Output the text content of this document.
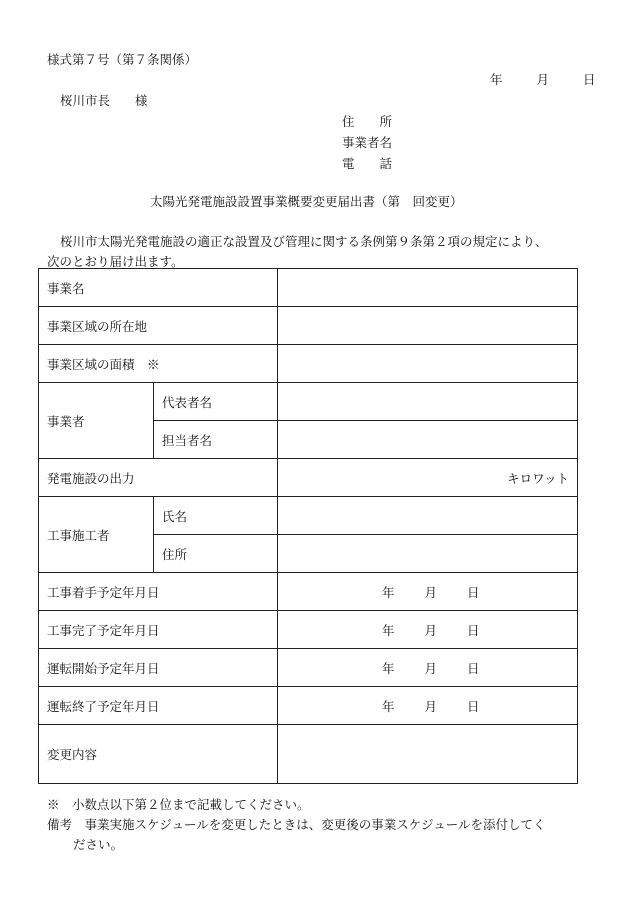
様式第７号（第７条関係）
年	月	日
桜川市長　　様
住　　所
事業者名
電　　話
太陽光発電施設設置事業概要変更届出書（第　回変更）
桜川市太陽光発電施設の適正な設置及び管理に関する条例第９条第２項の規定により、
次のとおり届け出ます。
事業名		
事業区域の所在地		
事業区域の面積　※		
事業者	代表者名	
	担当者名	
発電施設の出力		キロワット
工事施工者	氏名	
	住所	
工事着手予定年月日		年 月 日
工事完了予定年月日		年 月 日
運転開始予定年月日		年 月 日
運転終了予定年月日		年 月 日
変更内容		
※　小数点以下第２位まで記載してください。
備考　事業実施スケジュールを変更したときは、変更後の事業スケジュールを添付してく
ださい。
